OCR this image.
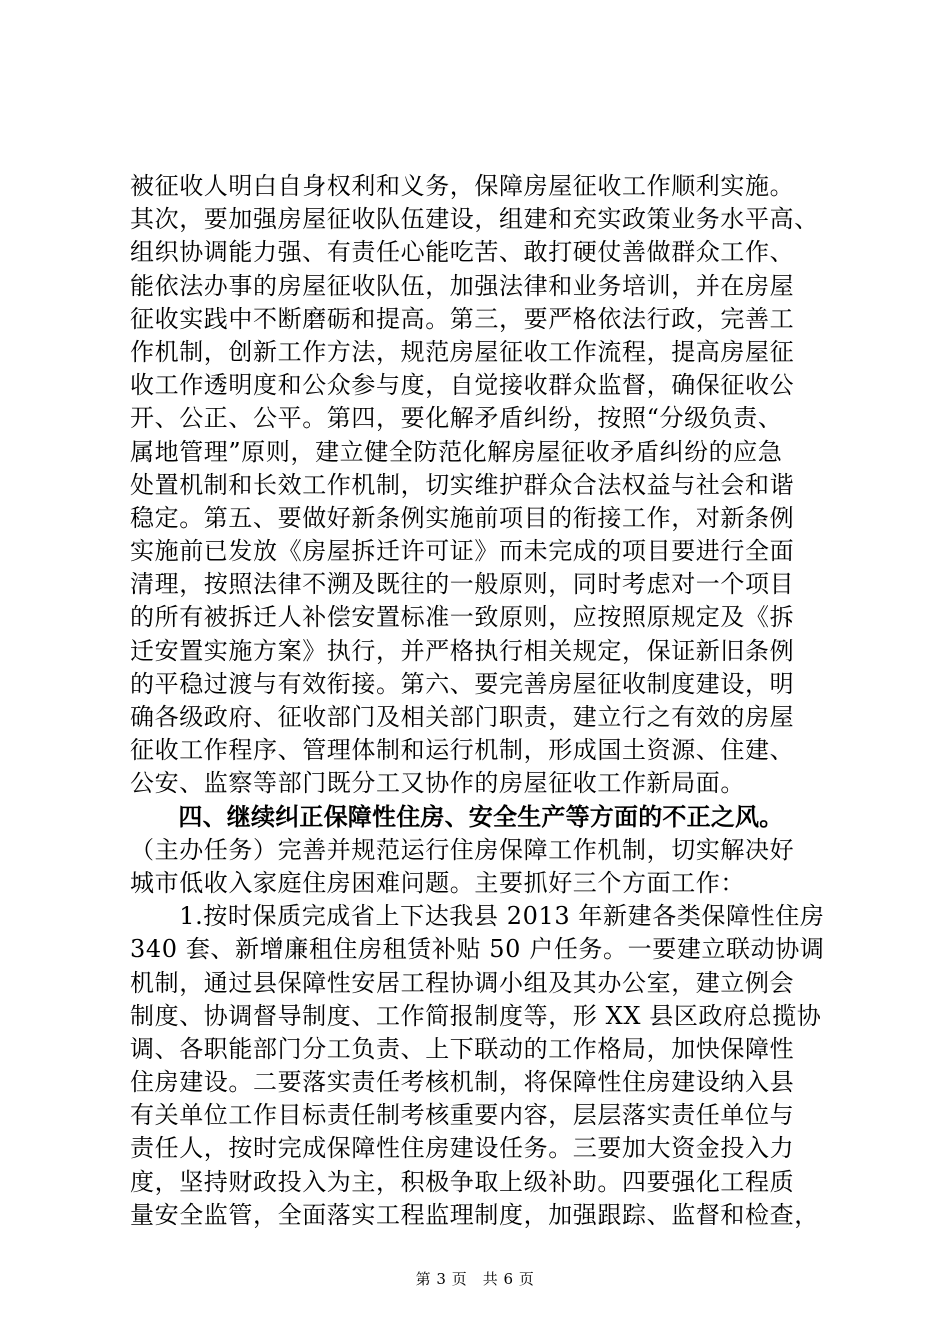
被征收人明白自身权利和义务，保障房屋征收工作顺利实施。
其次，要加强房屋征收队伍建设，组建和充实政策业务水平高、
组织协调能力强、有责任心能吃苦、敢打硬仗善做群众工作、
能依法办事的房屋征收队伍，加强法律和业务培训，并在房屋
征收实践中不断磨砺和提高。第三，要严格依法行政，完善工
作机制，创新工作方法，规范房屋征收工作流程，提高房屋征
收工作透明度和公众参与度，自觉接收群众监督，确保征收公
开、公正、公平。第四，要化解矛盾纠纷，按照“分级负责、
属地管理”原则，建立健全防范化解房屋征收矛盾纠纷的应急
处置机制和长效工作机制，切实维护群众合法权益与社会和谐
稳定。第五、要做好新条例实施前项目的衔接工作，对新条例
实施前已发放《房屋拆迁许可证》而未完成的项目要进行全面
清理，按照法律不溯及既往的一般原则，同时考虑对一个项目
的所有被拆迁人补偿安置标准一致原则，应按照原规定及《拆
迁安置实施方案》执行，并严格执行相关规定，保证新旧条例
的平稳过渡与有效衔接。第六、要完善房屋征收制度建设，明
确各级政府、征收部门及相关部门职责，建立行之有效的房屋
征收工作程序、管理体制和运行机制，形成国土资源、住建、
公安、监察等部门既分工又协作的房屋征收工作新局面。
　　四、继续纠正保障性住房、安全生产等方面的不正之风。
（主办任务）完善并规范运行住房保障工作机制，切实解决好
城市低收入家庭住房困难问题。主要抓好三个方面工作：
　　1.按时保质完成省上下达我县 2013 年新建各类保障性住房
340 套、新增廉租住房租赁补贴 50 户任务。一要建立联动协调
机制，通过县保障性安居工程协调小组及其办公室，建立例会
制度、协调督导制度、工作简报制度等，形 XX 县区政府总揽协
调、各职能部门分工负责、上下联动的工作格局，加快保障性
住房建设。二要落实责任考核机制，将保障性住房建设纳入县
有关单位工作目标责任制考核重要内容，层层落实责任单位与
责任人，按时完成保障性住房建设任务。三要加大资金投入力
度，坚持财政投入为主，积极争取上级补助。四要强化工程质
量安全监管，全面落实工程监理制度，加强跟踪、监督和检查，
第 3 页　共 6 页
